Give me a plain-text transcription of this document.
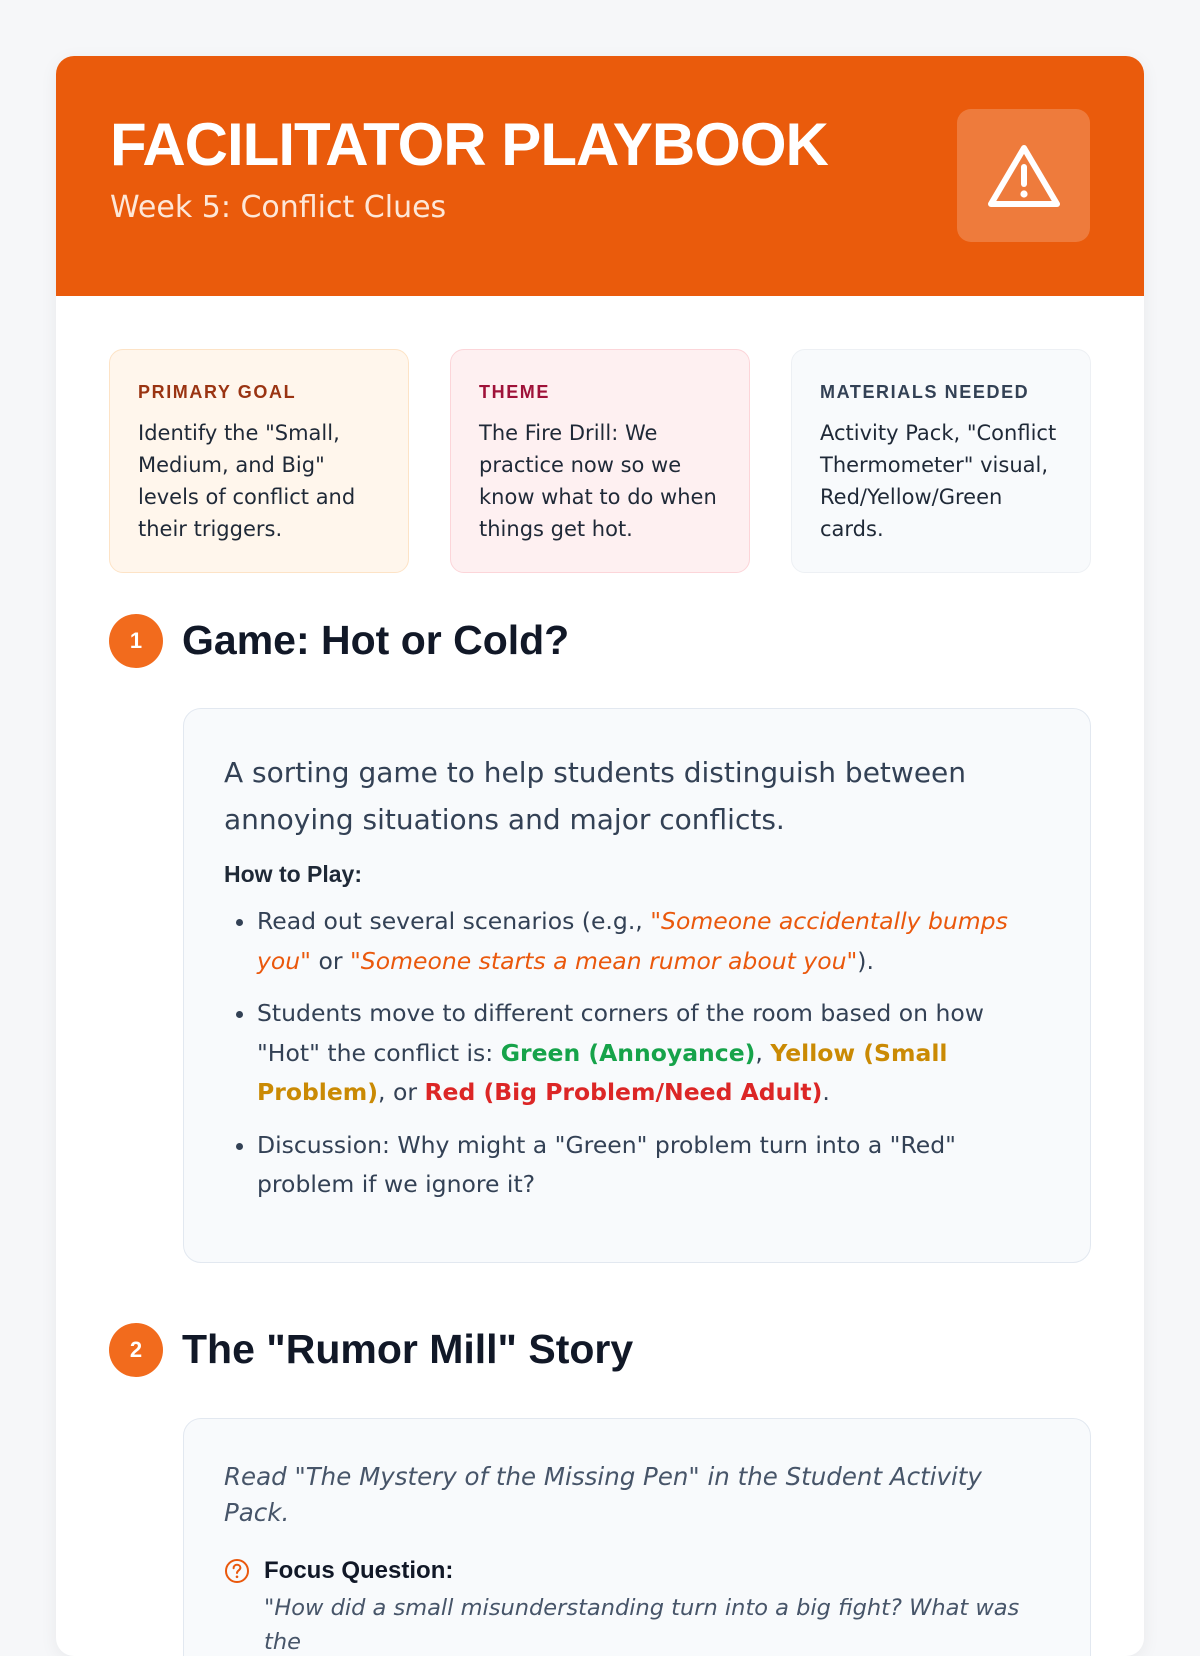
FACILITATOR PLAYBOOK
Week 5: Conflict Clues
PRIMARY GOAL
Identify the "Small, Medium, and Big" levels of conflict and their triggers.
THEME
The Fire Drill: We practice now so we know what to do when things get hot.
MATERIALS NEEDED
Activity Pack, "Conflict Thermometer" visual, Red/Yellow/Green cards.
1 Game: Hot or Cold?

A sorting game to help students distinguish between annoying situations and major conflicts.

How to Play:
• Read out several scenarios (e.g., "Someone accidentally bumps you" or "Someone starts a mean rumor about you").
• Students move to different corners of the room based on how "Hot" the conflict is: Green (Annoyance), Yellow (Small Problem), or Red (Big Problem/Need Adult).
• Discussion: Why might a "Green" problem turn into a "Red" problem if we ignore it?
2 The "Rumor Mill" Story

Read "The Mystery of the Missing Pen" in the Student Activity Pack.

Focus Question:
"How did a small misunderstanding turn into a big fight? What was the
